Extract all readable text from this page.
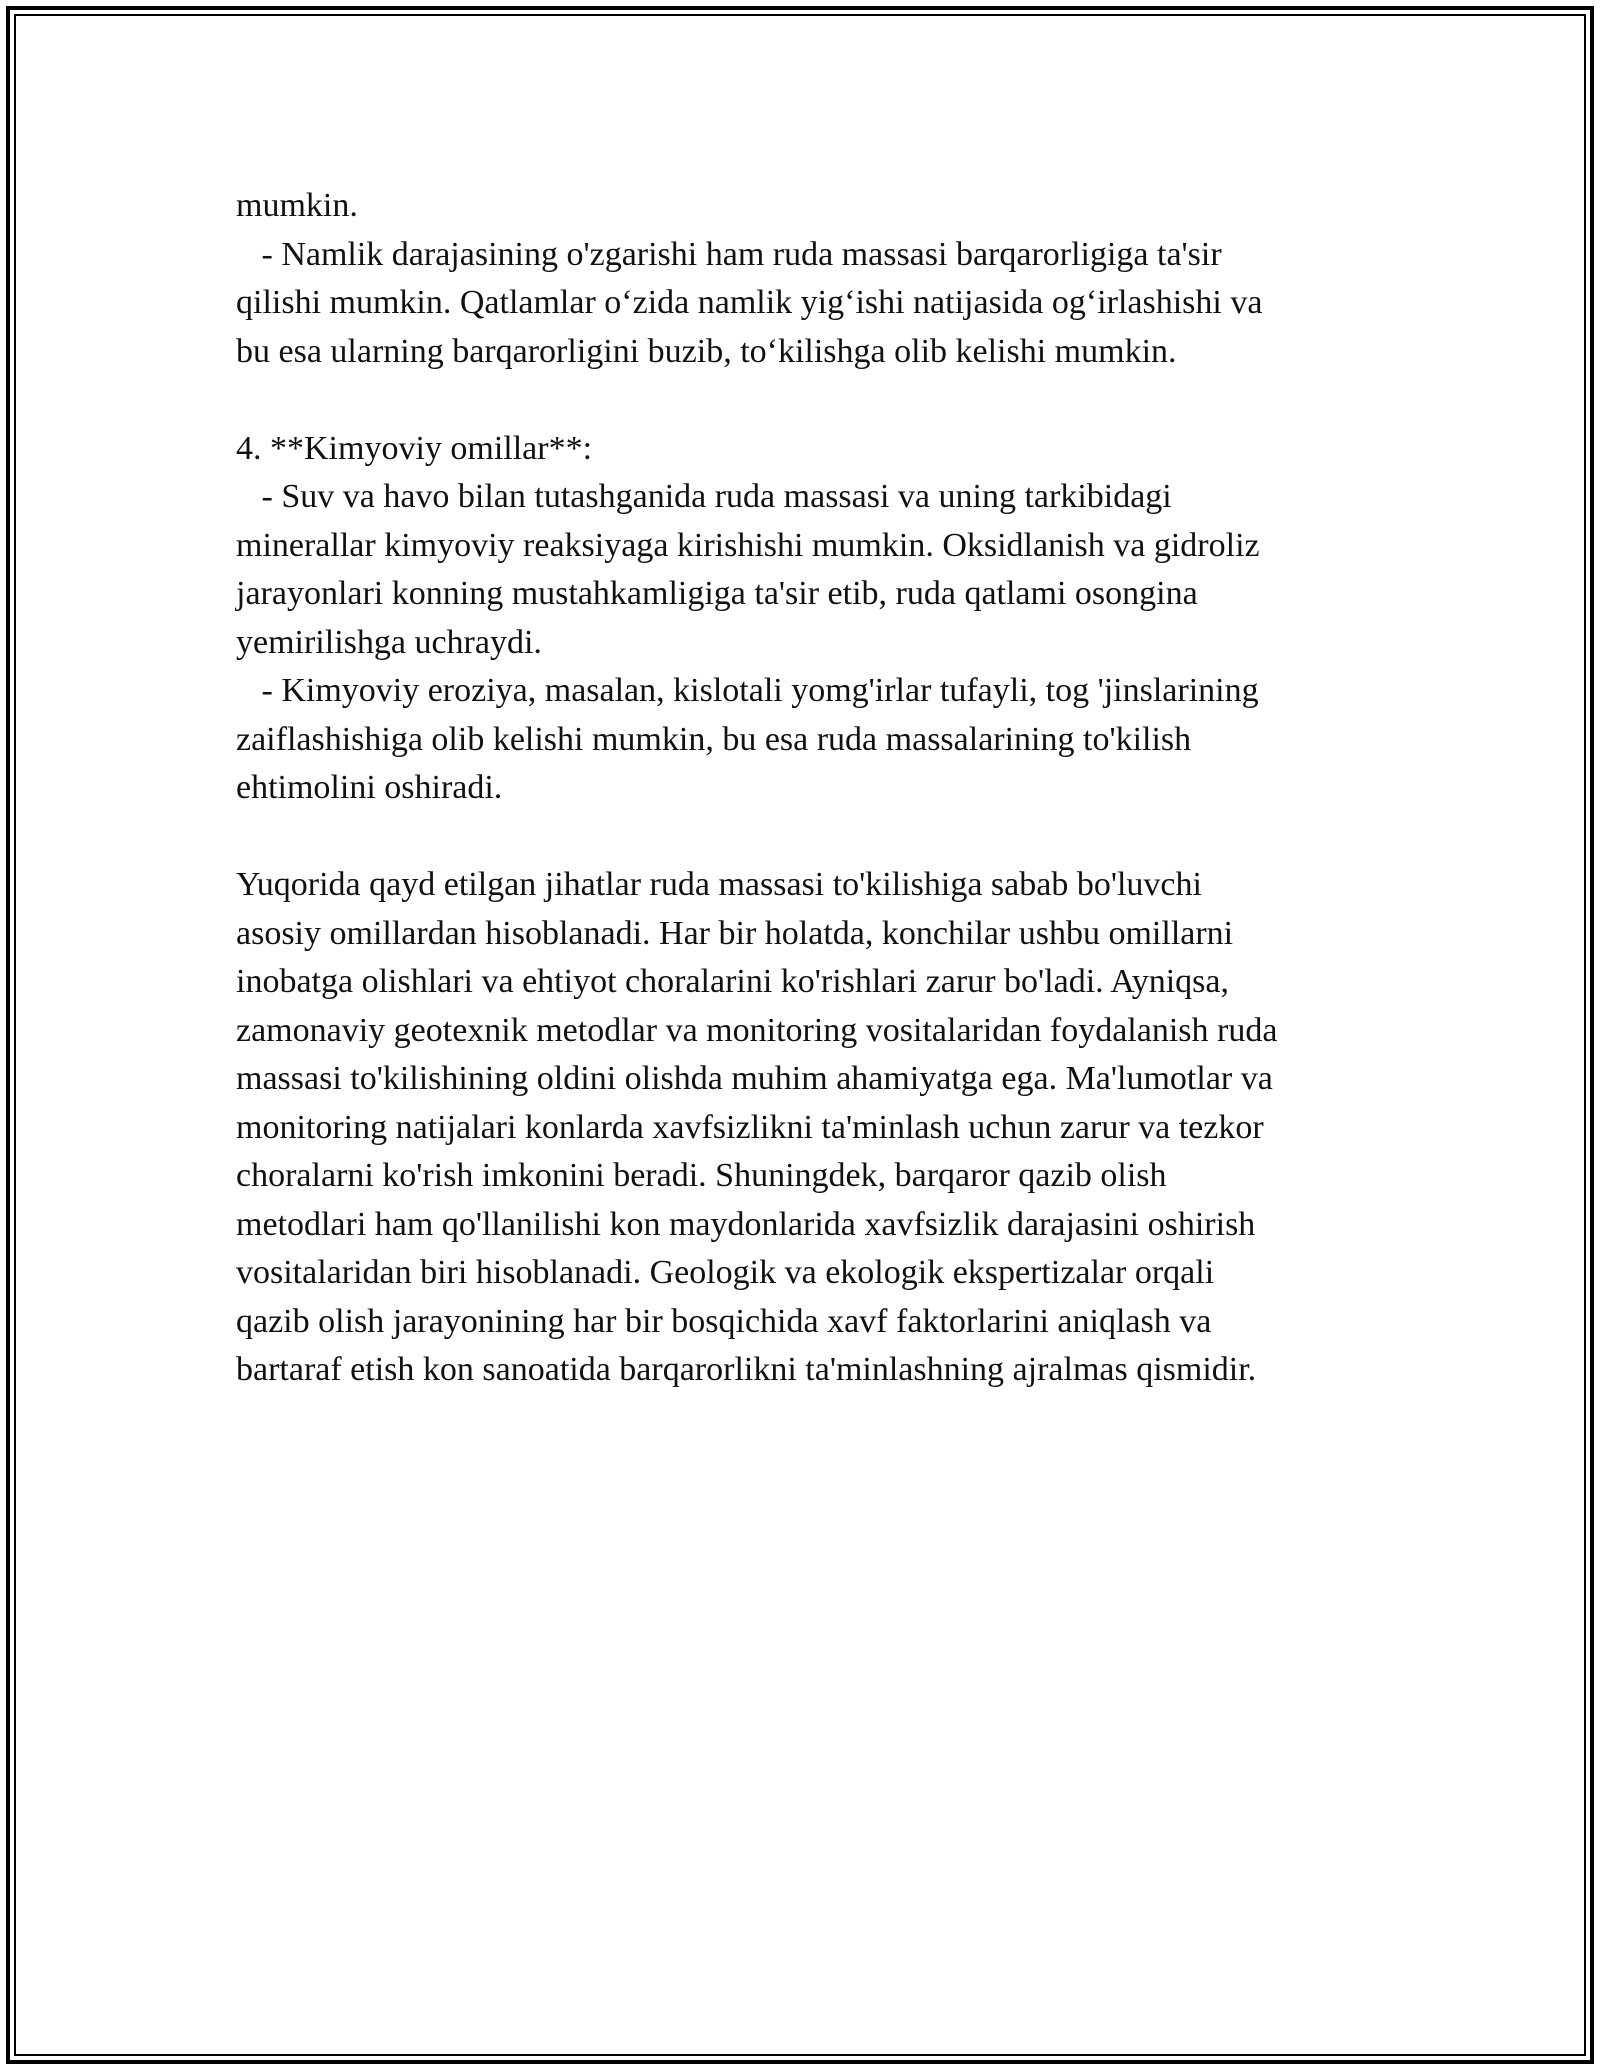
mumkin.
- Namlik darajasining o'zgarishi ham ruda massasi barqarorligiga ta'sir
qilishi mumkin. Qatlamlar o‘zida namlik yig‘ishi natijasida og‘irlashishi va
bu esa ularning barqarorligini buzib, to‘kilishga olib kelishi mumkin.
4. **Kimyoviy omillar**:
- Suv va havo bilan tutashganida ruda massasi va uning tarkibidagi
minerallar kimyoviy reaksiyaga kirishishi mumkin. Oksidlanish va gidroliz
jarayonlari konning mustahkamligiga ta'sir etib, ruda qatlami osongina
yemirilishga uchraydi.
- Kimyoviy eroziya, masalan, kislotali yomg'irlar tufayli, tog 'jinslarining
zaiflashishiga olib kelishi mumkin, bu esa ruda massalarining to'kilish
ehtimolini oshiradi.
Yuqorida qayd etilgan jihatlar ruda massasi to'kilishiga sabab bo'luvchi
asosiy omillardan hisoblanadi. Har bir holatda, konchilar ushbu omillarni
inobatga olishlari va ehtiyot choralarini ko'rishlari zarur bo'ladi. Ayniqsa,
zamonaviy geotexnik metodlar va monitoring vositalaridan foydalanish ruda
massasi to'kilishining oldini olishda muhim ahamiyatga ega. Ma'lumotlar va
monitoring natijalari konlarda xavfsizlikni ta'minlash uchun zarur va tezkor
choralarni ko'rish imkonini beradi. Shuningdek, barqaror qazib olish
metodlari ham qo'llanilishi kon maydonlarida xavfsizlik darajasini oshirish
vositalaridan biri hisoblanadi. Geologik va ekologik ekspertizalar orqali
qazib olish jarayonining har bir bosqichida xavf faktorlarini aniqlash va
bartaraf etish kon sanoatida barqarorlikni ta'minlashning ajralmas qismidir.
